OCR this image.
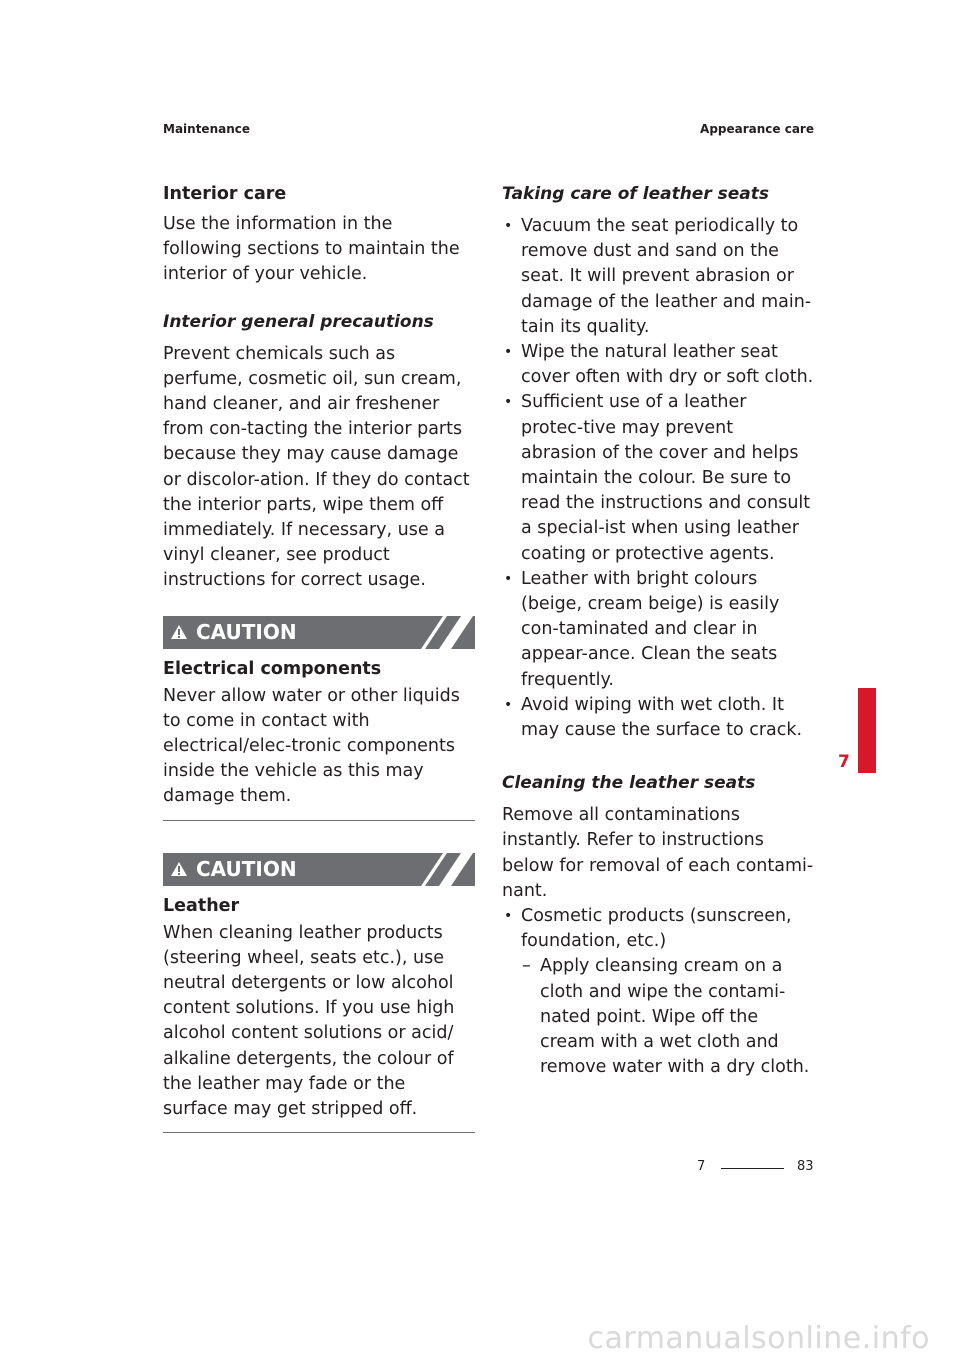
Maintenance	Appearance care
Interior care

Use the information in the following sections to maintain the interior of your vehicle.

Interior general precautions

Prevent chemicals such as perfume, cosmetic oil, sun cream, hand cleaner, and air freshener from con-tacting the interior parts because they may cause damage or discolor-ation. If they do contact the interior parts, wipe them off immediately. If necessary, use a vinyl cleaner, see product instructions for correct usage.

CAUTION
Electrical components

Never allow water or other liquids to come in contact with electrical/elec-tronic components inside the vehicle as this may damage them.

CAUTION
Leather

When cleaning leather products (steering wheel, seats etc.), use neutral detergents or low alcohol content solutions. If you use high alcohol content solutions or acid/ alkaline detergents, the colour of the leather may fade or the surface may get stripped off.

Taking care of leather seats
• Vacuum the seat periodically to remove dust and sand on the seat. It will prevent abrasion or damage of the leather and main-tain its quality.
• Wipe the natural leather seat cover often with dry or soft cloth.
• Sufficient use of a leather protec-tive may prevent abrasion of the cover and helps maintain the colour. Be sure to read the instructions and consult a special-ist when using leather coating or protective agents.
• Leather with bright colours (beige, cream beige) is easily con-taminated and clear in appear-ance. Clean the seats frequently.
• Avoid wiping with wet cloth. It may cause the surface to crack.
Cleaning the leather seats

Remove all contaminations instantly. Refer to instructions below for removal of each contami-nant.

• Cosmetic products (sunscreen, foundation, etc.)
– Apply cleansing cream on a cloth and wipe the contami-nated point. Wipe off the cream with a wet cloth and remove water with a dry cloth.
7
7	83
carmanualsonline.info
